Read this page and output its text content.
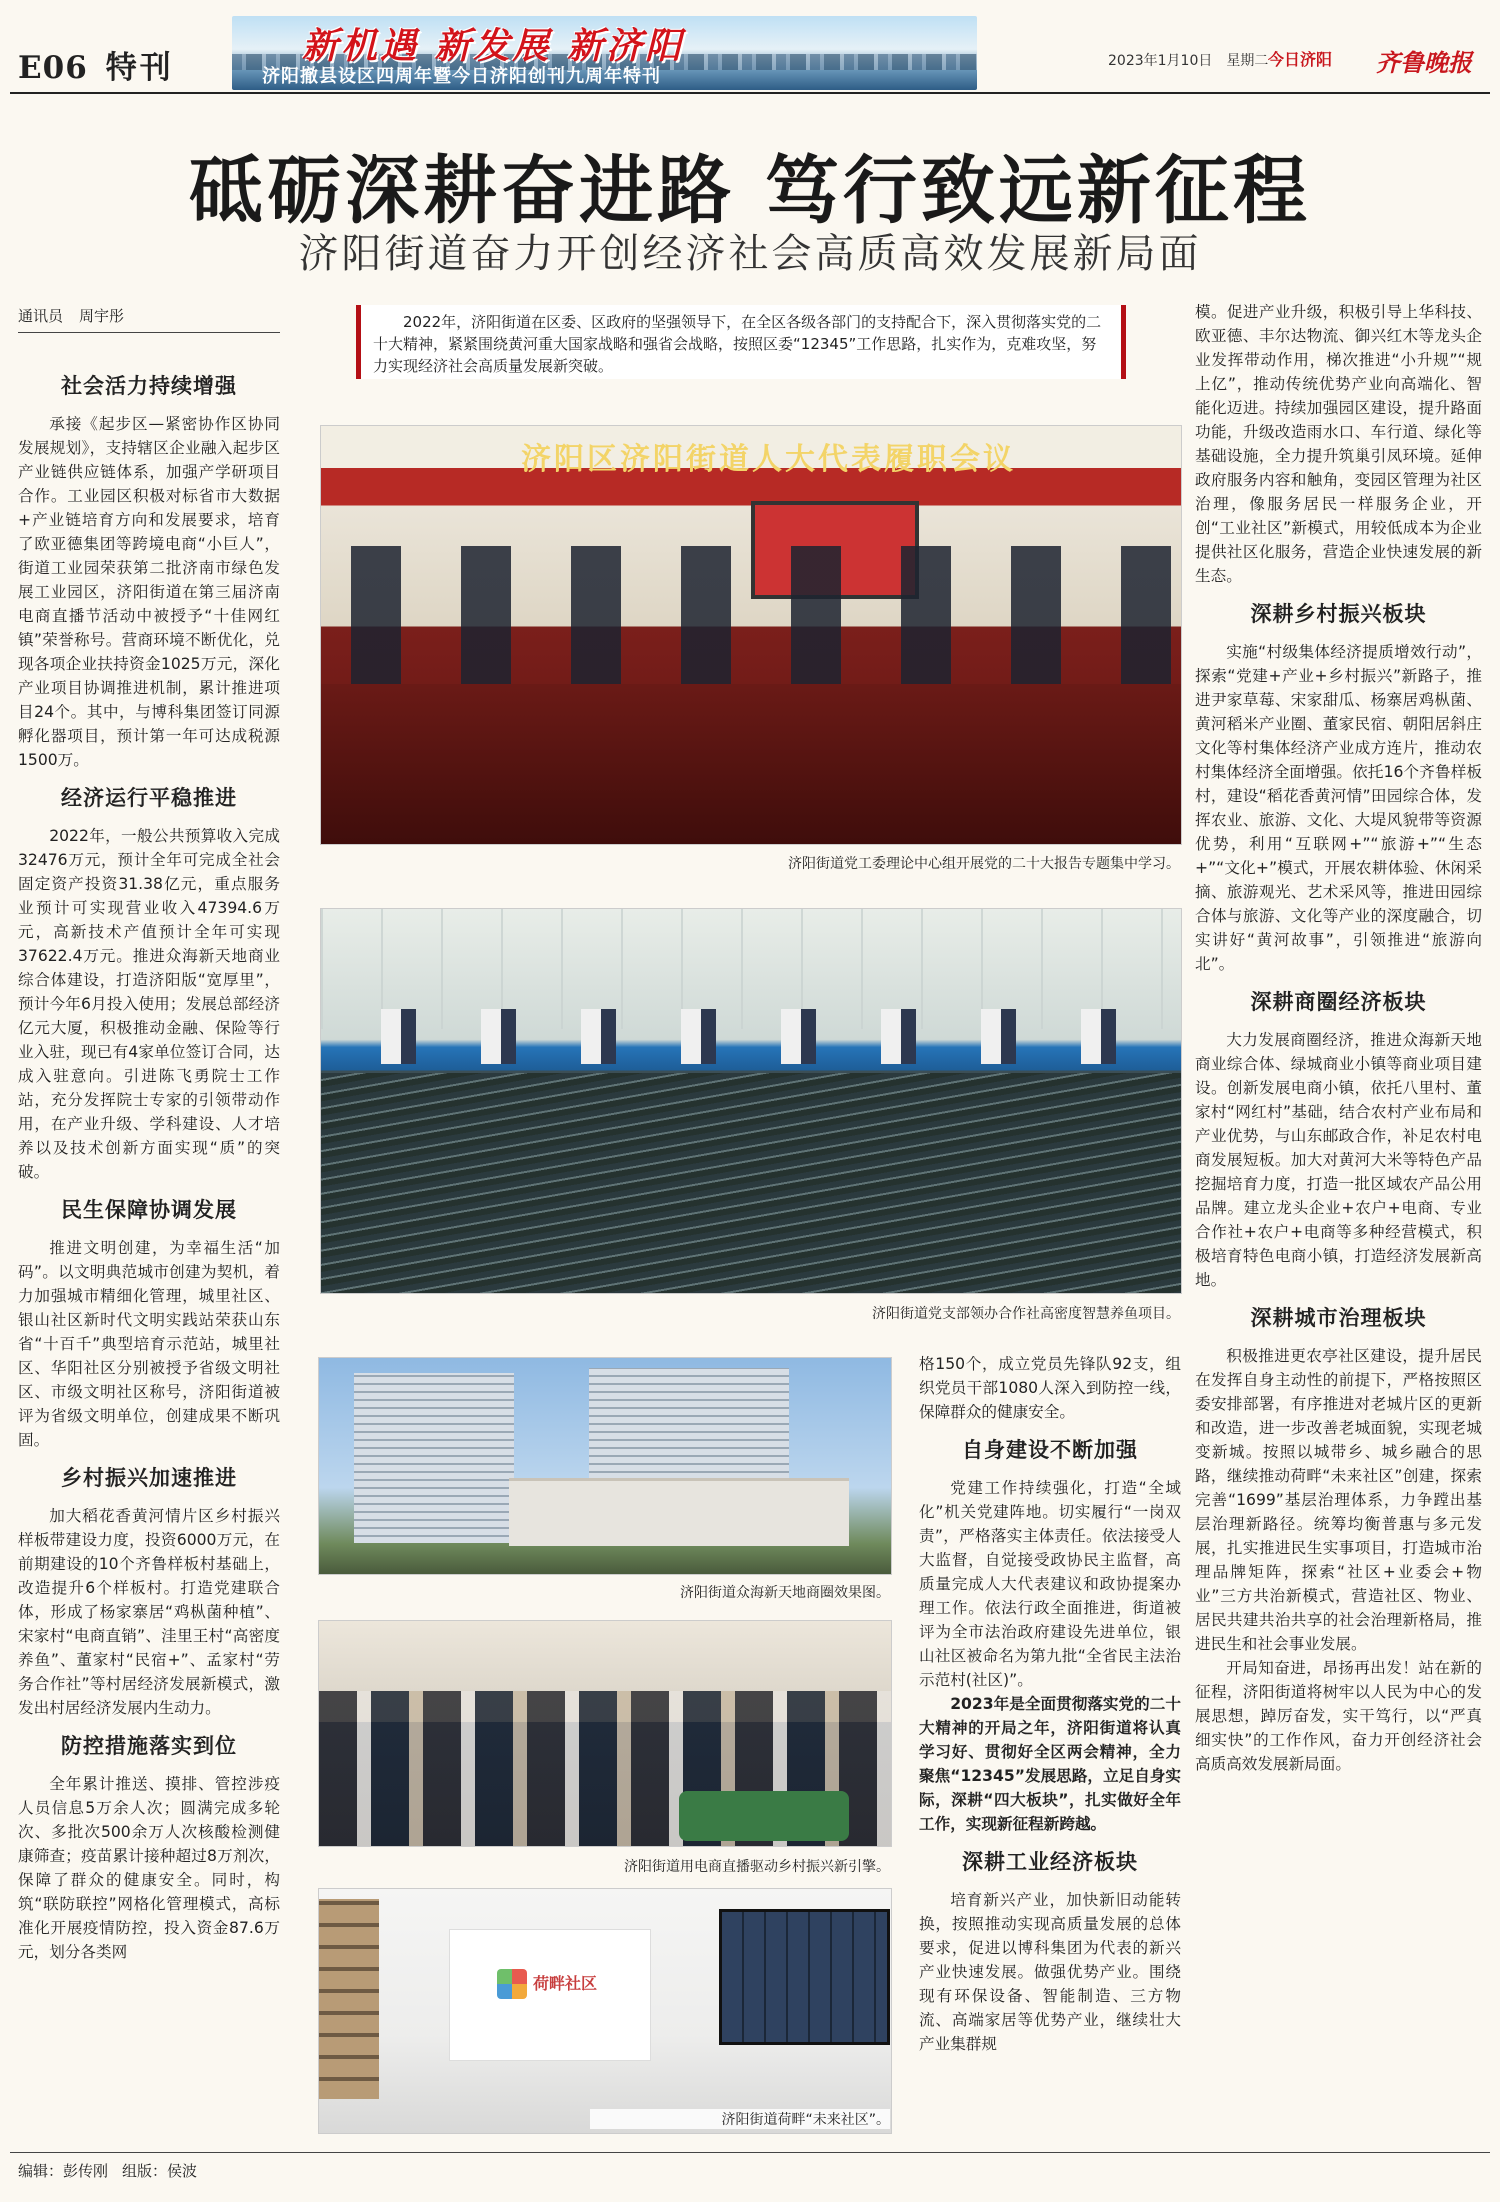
E06 特刊
新机遇 新发展 新济阳
济阳撤县设区四周年暨今日济阳创刊九周年特刊
2023年1月10日　星期二 今日济阳 齐鲁晚报
砥砺深耕奋进路 笃行致远新征程
济阳街道奋力开创经济社会高质高效发展新局面
通讯员 周宇彤	2022年，济阳街道在区委、区政府的坚强领导下，在全区各级各部门的支持配合下，深入贯彻落实党的二十大精神，紧紧围绕黄河重大国家战略和强省会战略，按照区委“12345”工作思路，扎实作为，克难攻坚，努力实现经济社会高质量发展新突破。
社会活力持续增强

承接《起步区—紧密协作区协同发展规划》，支持辖区企业融入起步区产业链供应链体系，加强产学研项目合作。工业园区积极对标省市大数据+产业链培育方向和发展要求，培育了欧亚德集团等跨境电商“小巨人”，街道工业园荣获第二批济南市绿色发展工业园区，济阳街道在第三届济南电商直播节活动中被授予“十佳网红镇”荣誉称号。营商环境不断优化，兑现各项企业扶持资金1025万元，深化产业项目协调推进机制，累计推进项目24个。其中，与博科集团签订同源孵化器项目，预计第一年可达成税源1500万。

经济运行平稳推进

2022年，一般公共预算收入完成32476万元，预计全年可完成全社会固定资产投资31.38亿元，重点服务业预计可实现营业收入47394.6万元，高新技术产值预计全年可实现37622.4万元。推进众海新天地商业综合体建设，打造济阳版“宽厚里”，预计今年6月投入使用；发展总部经济亿元大厦，积极推动金融、保险等行业入驻，现已有4家单位签订合同，达成入驻意向。引进陈飞勇院士工作站，充分发挥院士专家的引领带动作用，在产业升级、学科建设、人才培养以及技术创新方面实现“质”的突破。

民生保障协调发展

推进文明创建，为幸福生活“加码”。以文明典范城市创建为契机，着力加强城市精细化管理，城里社区、银山社区新时代文明实践站荣获山东省“十百千”典型培育示范站，城里社区、华阳社区分别被授予省级文明社区、市级文明社区称号，济阳街道被评为省级文明单位，创建成果不断巩固。

乡村振兴加速推进

加大稻花香黄河情片区乡村振兴样板带建设力度，投资6000万元，在前期建设的10个齐鲁样板村基础上，改造提升6个样板村。打造党建联合体，形成了杨家寨居“鸡枞菌种植”、宋家村“电商直销”、洼里王村“高密度养鱼”、董家村“民宿+”、孟家村“劳务合作社”等村居经济发展新模式，激发出村居经济发展内生动力。

防控措施落实到位

全年累计推送、摸排、管控涉疫人员信息5万余人次；圆满完成多轮次、多批次500余万人次核酸检测健康筛查；疫苗累计接种超过8万剂次，保障了群众的健康安全。同时，构筑“联防联控”网格化管理模式，高标准化开展疫情防控，投入资金87.6万元，划分各类网

济阳区济阳街道人大代表履职会议
济阳街道党工委理论中心组开展党的二十大报告专题集中学习。
济阳街道党支部领办合作社高密度智慧养鱼项目。
济阳街道众海新天地商圈效果图。
济阳街道用电商直播驱动乡村振兴新引擎。
荷畔社区
济阳街道荷畔“未来社区”。

格150个，成立党员先锋队92支，组织党员干部1080人深入到防控一线，保障群众的健康安全。

自身建设不断加强

党建工作持续强化，打造“全域化”机关党建阵地。切实履行“一岗双责”，严格落实主体责任。依法接受人大监督，自觉接受政协民主监督，高质量完成人大代表建议和政协提案办理工作。依法行政全面推进，街道被评为全市法治政府建设先进单位，银山社区被命名为第九批“全省民主法治示范村(社区)”。

2023年是全面贯彻落实党的二十大精神的开局之年，济阳街道将认真学习好、贯彻好全区两会精神，全力聚焦“12345”发展思路，立足自身实际，深耕“四大板块”，扎实做好全年工作，实现新征程新跨越。

深耕工业经济板块

培育新兴产业，加快新旧动能转换，按照推动实现高质量发展的总体要求，促进以博科集团为代表的新兴产业快速发展。做强优势产业。围绕现有环保设备、智能制造、三方物流、高端家居等优势产业，继续壮大产业集群规

模。促进产业升级，积极引导上华科技、欧亚德、丰尔达物流、御兴红木等龙头企业发挥带动作用，梯次推进“小升规”“规上亿”，推动传统优势产业向高端化、智能化迈进。持续加强园区建设，提升路面功能，升级改造雨水口、车行道、绿化等基础设施，全力提升筑巢引凤环境。延伸政府服务内容和触角，变园区管理为社区治理，像服务居民一样服务企业，开创“工业社区”新模式，用较低成本为企业提供社区化服务，营造企业快速发展的新生态。

深耕乡村振兴板块

实施“村级集体经济提质增效行动”，探索“党建+产业+乡村振兴”新路子，推进尹家草莓、宋家甜瓜、杨寨居鸡枞菌、黄河稻米产业圈、董家民宿、朝阳居斜庄文化等村集体经济产业成方连片，推动农村集体经济全面增强。依托16个齐鲁样板村，建设“稻花香黄河情”田园综合体，发挥农业、旅游、文化、大堤风貌带等资源优势，利用“互联网+”“旅游+”“生态+”“文化+”模式，开展农耕体验、休闲采摘、旅游观光、艺术采风等，推进田园综合体与旅游、文化等产业的深度融合，切实讲好“黄河故事”，引领推进“旅游向北”。

深耕商圈经济板块

大力发展商圈经济，推进众海新天地商业综合体、绿城商业小镇等商业项目建设。创新发展电商小镇，依托八里村、董家村“网红村”基础，结合农村产业布局和产业优势，与山东邮政合作，补足农村电商发展短板。加大对黄河大米等特色产品挖掘培育力度，打造一批区域农产品公用品牌。建立龙头企业+农户+电商、专业合作社+农户+电商等多种经营模式，积极培育特色电商小镇，打造经济发展新高地。

深耕城市治理板块

积极推进更农亭社区建设，提升居民在发挥自身主动性的前提下，严格按照区委安排部署，有序推进对老城片区的更新和改造，进一步改善老城面貌，实现老城变新城。按照以城带乡、城乡融合的思路，继续推动荷畔“未来社区”创建，探索完善“1699”基层治理体系，力争蹚出基层治理新路径。统筹均衡普惠与多元发展，扎实推进民生实事项目，打造城市治理品牌矩阵，探索“社区+业委会+物业”三方共治新模式，营造社区、物业、居民共建共治共享的社会治理新格局，推进民生和社会事业发展。

开局知奋进，昂扬再出发！站在新的征程，济阳街道将树牢以人民为中心的发展思想，踔厉奋发，实干笃行，以“严真细实快”的工作作风，奋力开创经济社会高质高效发展新局面。

编辑：彭传刚 组版：侯波
